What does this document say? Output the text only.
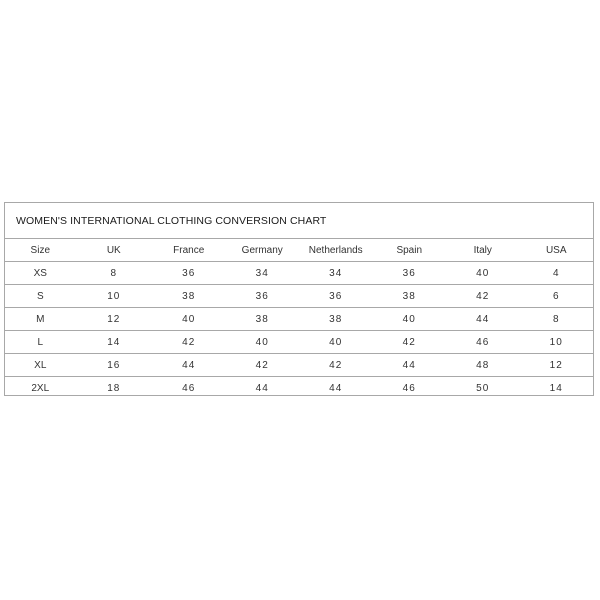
WOMEN'S INTERNATIONAL CLOTHING CONVERSION CHART
Size	UK	France	Germany	Netherlands	Spain	Italy	USA
XS	8	36	34	34	36	40	4
S	10	38	36	36	38	42	6
M	12	40	38	38	40	44	8
L	14	42	40	40	42	46	10
XL	16	44	42	42	44	48	12
2XL	18	46	44	44	46	50	14
